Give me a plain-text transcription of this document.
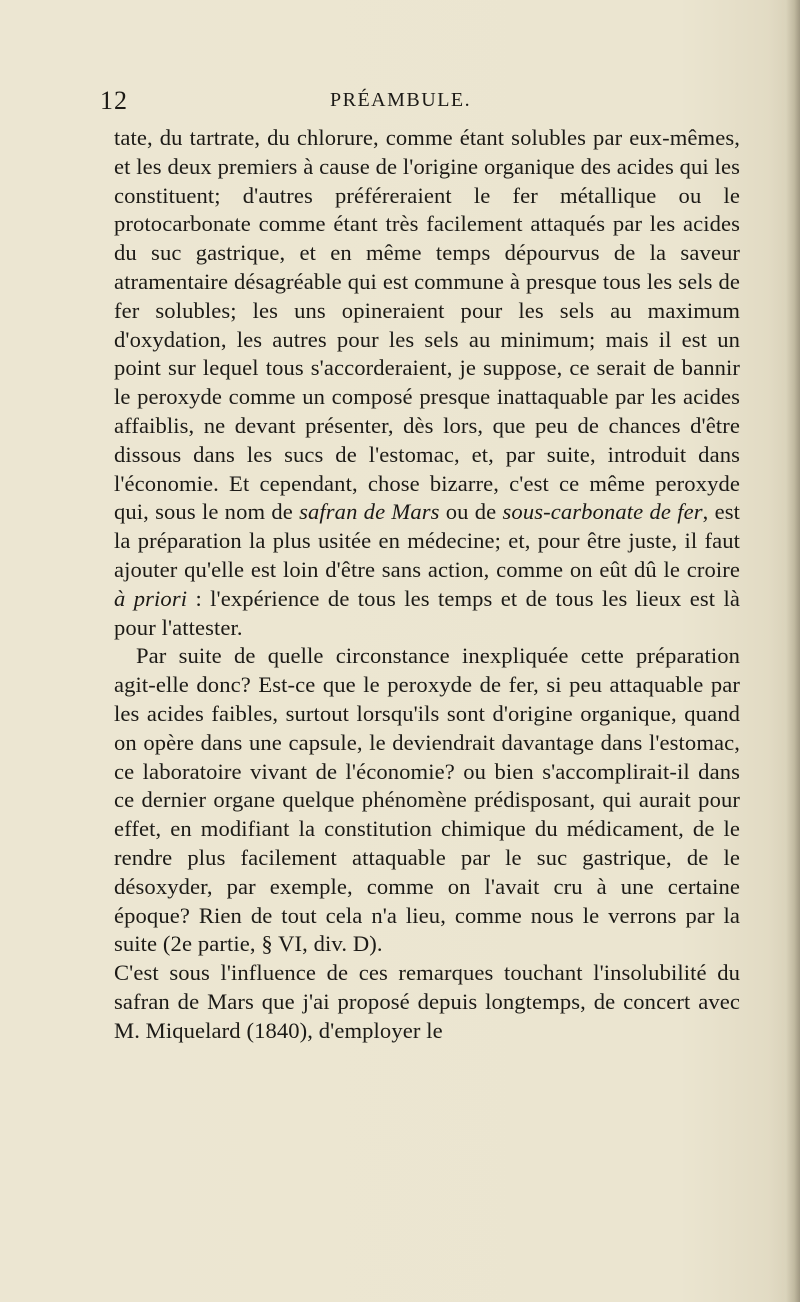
12	PRÉAMBULE.

tate, du tartrate, du chlorure, comme étant solubles par eux-mêmes, et les deux premiers à cause de l'origine organique des acides qui les constituent; d'autres préféreraient le fer métallique ou le protocarbonate comme étant très facilement attaqués par les acides du suc gastrique, et en même temps dépourvus de la saveur atramentaire désagréable qui est commune à presque tous les sels de fer solubles; les uns opineraient pour les sels au maximum d'oxydation, les autres pour les sels au minimum; mais il est un point sur lequel tous s'accorderaient, je suppose, ce serait de bannir le peroxyde comme un composé presque inattaquable par les acides affaiblis, ne devant présenter, dès lors, que peu de chances d'être dissous dans les sucs de l'estomac, et, par suite, introduit dans l'économie. Et cependant, chose bizarre, c'est ce même peroxyde qui, sous le nom de safran de Mars ou de sous-carbonate de fer, est la préparation la plus usitée en médecine; et, pour être juste, il faut ajouter qu'elle est loin d'être sans action, comme on eût dû le croire à priori : l'expérience de tous les temps et de tous les lieux est là pour l'attester.

Par suite de quelle circonstance inexpliquée cette préparation agit-elle donc? Est-ce que le peroxyde de fer, si peu attaquable par les acides faibles, surtout lorsqu'ils sont d'origine organique, quand on opère dans une capsule, le deviendrait davantage dans l'estomac, ce laboratoire vivant de l'économie? ou bien s'accomplirait-il dans ce dernier organe quelque phénomène prédisposant, qui aurait pour effet, en modifiant la constitution chimique du médicament, de le rendre plus facilement attaquable par le suc gastrique, de le désoxyder, par exemple, comme on l'avait cru à une certaine époque? Rien de tout cela n'a lieu, comme nous le verrons par la suite (2e partie, § VI, div. D).

C'est sous l'influence de ces remarques touchant l'insolubilité du safran de Mars que j'ai proposé depuis longtemps, de concert avec M. Miquelard (1840), d'employer le
